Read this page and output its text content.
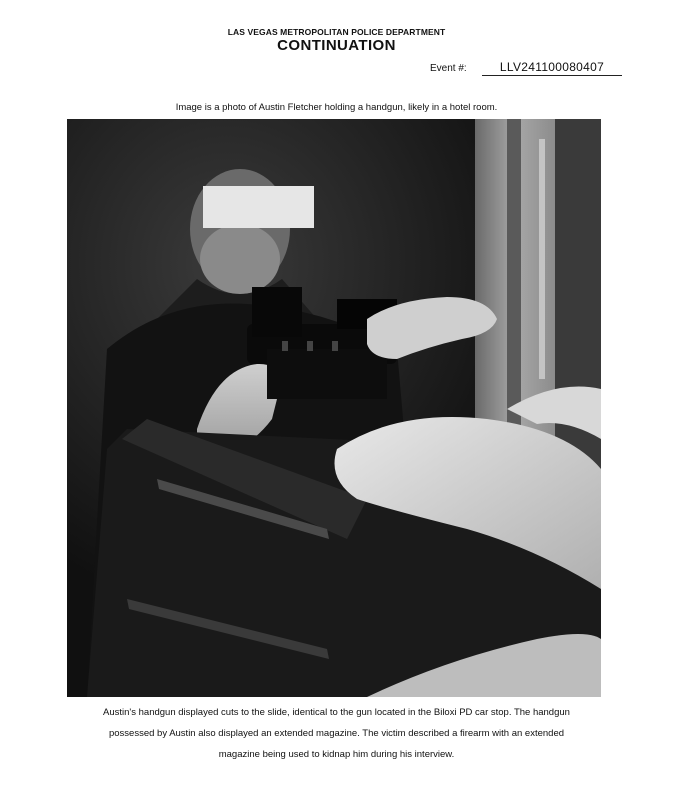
LAS VEGAS METROPOLITAN POLICE DEPARTMENT
CONTINUATION
Event #:	LLV241100080407
Image is a photo of Austin Fletcher holding a handgun, likely in a hotel room.
Austin's handgun displayed cuts to the slide, identical to the gun located in the Biloxi PD car stop. The handgun
possessed by Austin also displayed an extended magazine. The victim described a firearm with an extended
magazine being used to kidnap him during his interview.
